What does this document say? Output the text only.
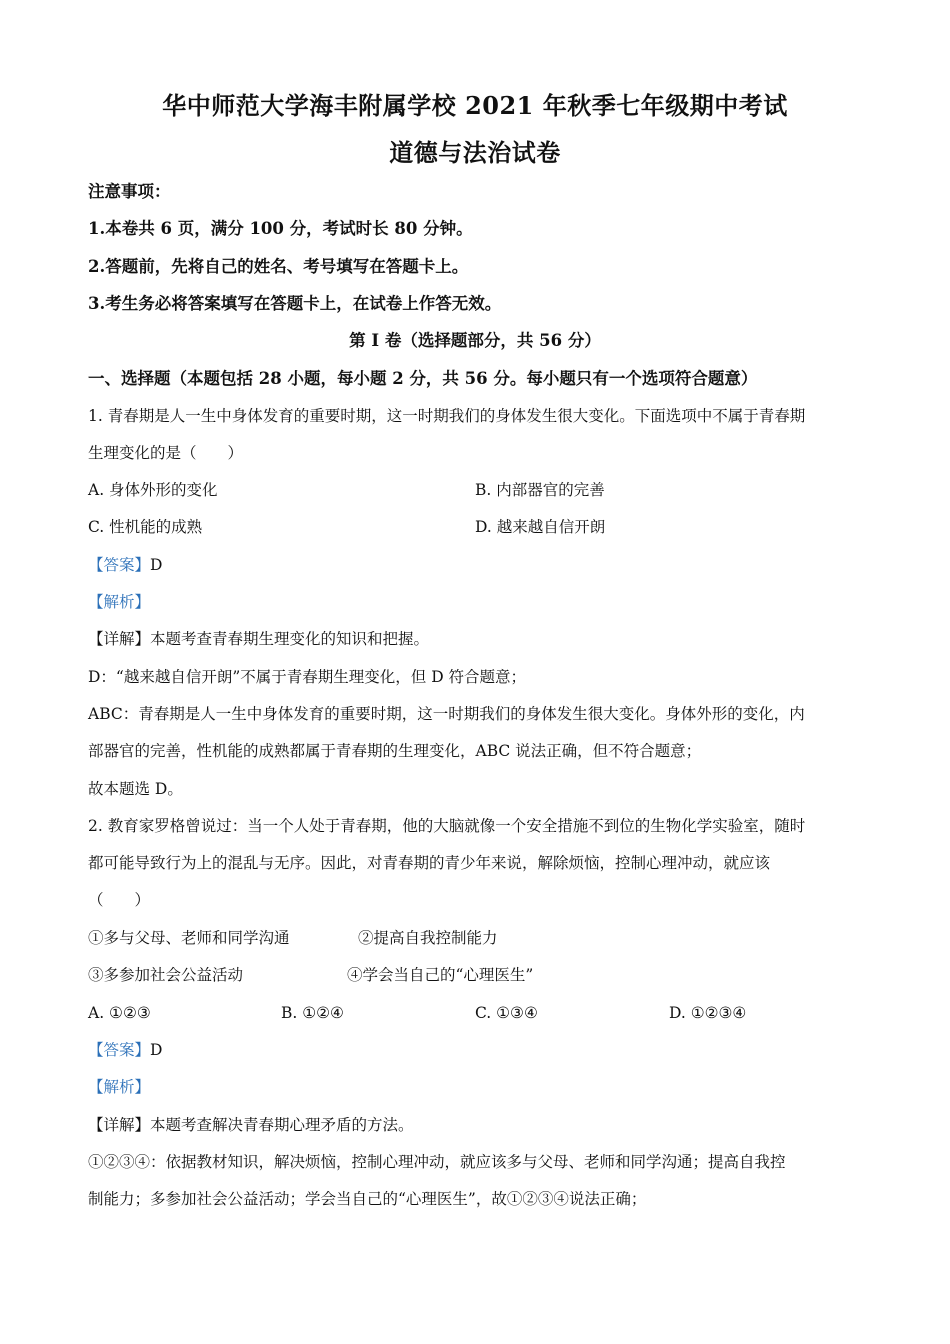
华中师范大学海丰附属学校 2021 年秋季七年级期中考试
道德与法治试卷
注意事项：
1.本卷共 6 页，满分 100 分，考试时长 80 分钟。
2.答题前，先将自己的姓名、考号填写在答题卡上。
3.考生务必将答案填写在答题卡上，在试卷上作答无效。
第 I 卷（选择题部分，共 56 分）
一、选择题（本题包括 28 小题，每小题 2 分，共 56 分。每小题只有一个选项符合题意）
1. 青春期是人一生中身体发育的重要时期，这一时期我们的身体发生很大变化。下面选项中不属于青春期
生理变化的是（　　）
A. 身体外形的变化	B. 内部器官的完善
C. 性机能的成熟	D. 越来越自信开朗
【答案】D
【解析】
【详解】本题考查青春期生理变化的知识和把握。
D：“越来越自信开朗”不属于青春期生理变化，但 D 符合题意；
ABC：青春期是人一生中身体发育的重要时期，这一时期我们的身体发生很大变化。身体外形的变化，内
部器官的完善，性机能的成熟都属于青春期的生理变化，ABC 说法正确，但不符合题意；
故本题选 D。
2. 教育家罗格曾说过：当一个人处于青春期，他的大脑就像一个安全措施不到位的生物化学实验室，随时
都可能导致行为上的混乱与无序。因此，对青春期的青少年来说，解除烦恼，控制心理冲动，就应该
（　　）
①多与父母、老师和同学沟通	②提高自我控制能力
③多参加社会公益活动	④学会当自己的“心理医生”
A. ①②③	B. ①②④	C. ①③④	D. ①②③④
【答案】D
【解析】
【详解】本题考查解决青春期心理矛盾的方法。
①②③④：依据教材知识，解决烦恼，控制心理冲动，就应该多与父母、老师和同学沟通；提高自我控
制能力；多参加社会公益活动；学会当自己的“心理医生”，故①②③④说法正确；
